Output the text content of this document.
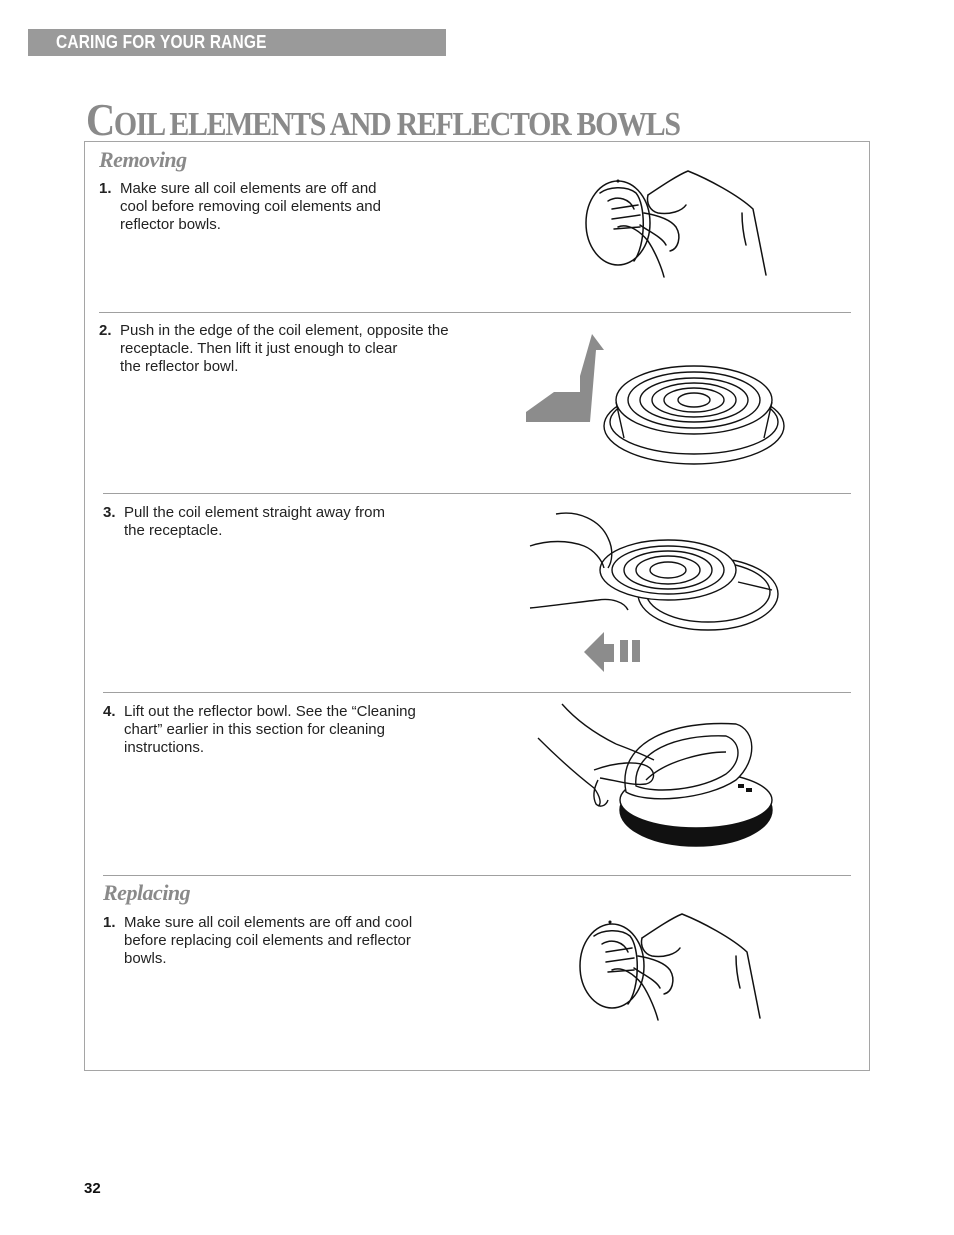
CARING FOR YOUR RANGE
COIL ELEMENTS AND REFLECTOR BOWLS
Removing
1. Make sure all coil elements are off and
cool before removing coil elements and
reflector bowls.
2. Push in the edge of the coil element, opposite the
receptacle. Then lift it just enough to clear
the reflector bowl.
3. Pull the coil element straight away from
the receptacle.
4. Lift out the reflector bowl. See the “Cleaning
chart” earlier in this section for cleaning
instructions.
Replacing
1. Make sure all coil elements are off and cool
before replacing coil elements and reflector
bowls.
32
